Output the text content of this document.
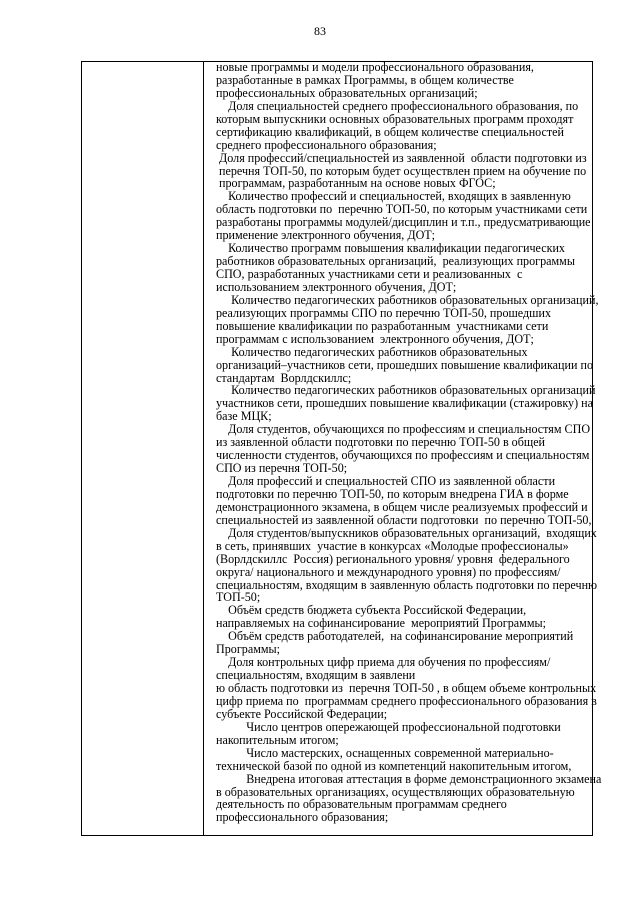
83
новые программы и модели профессионального образования,
разработанные в рамках Программы, в общем количестве
профессиональных образовательных организаций;
Доля специальностей среднего профессионального образования, по
которым выпускники основных образовательных программ проходят
сертификацию квалификаций, в общем количестве специальностей
среднего профессионального образования;
Доля профессий/специальностей из заявленной  области подготовки из
перечня ТОП-50, по которым будет осуществлен прием на обучение по
программам, разработанным на основе новых ФГОС;
Количество профессий и специальностей, входящих в заявленную
область подготовки по  перечню ТОП-50, по которым участниками сети
разработаны программы модулей/дисциплин и т.п., предусматривающие
применение электронного обучения, ДОТ;
Количество программ повышения квалификации педагогических
работников образовательных организаций,  реализующих программы
СПО, разработанных участниками сети и реализованных  с
использованием электронного обучения, ДОТ;
Количество педагогических работников образовательных организаций,
реализующих программы СПО по перечню ТОП-50, прошедших
повышение квалификации по разработанным  участниками сети
программам с использованием  электронного обучения, ДОТ;
Количество педагогических работников образовательных
организаций–участников сети, прошедших повышение квалификации по
стандартам  Ворлдскиллс;
Количество педагогических работников образовательных организаций
участников сети, прошедших повышение квалификации (стажировку) на
базе МЦК;
Доля студентов, обучающихся по профессиям и специальностям СПО
из заявленной области подготовки по перечню ТОП-50 в общей
численности студентов, обучающихся по профессиям и специальностям
СПО из перечня ТОП-50;
Доля профессий и специальностей СПО из заявленной области
подготовки по перечню ТОП-50, по которым внедрена ГИА в форме
демонстрационного экзамена, в общем числе реализуемых профессий и
специальностей из заявленной области подготовки  по перечню ТОП-50,
Доля студентов/выпускников образовательных организаций,  входящих
в сеть, принявших  участие в конкурсах «Молодые профессионалы»
(Ворлдскиллс  Россия) регионального уровня/ уровня  федерального
округа/ национального и международного уровня) по профессиям/
специальностям, входящим в заявленную область подготовки по перечню
ТОП-50;
Объём средств бюджета субъекта Российской Федерации,
направляемых на софинансирование  мероприятий Программы;
Объём средств работодателей,  на софинансирование мероприятий
Программы;
Доля контрольных цифр приема для обучения по профессиям/
специальностям, входящим в заявлени
ю область подготовки из  перечня ТОП-50 , в общем объеме контрольных
цифр приема по  программам среднего профессионального образования в
субъекте Российской Федерации;
Число центров опережающей профессиональной подготовки
накопительным итогом;
Число мастерских, оснащенных современной материально-
технической базой по одной из компетенций накопительным итогом,
Внедрена итоговая аттестация в форме демонстрационного экзамена
в образовательных организациях, осуществляющих образовательную
деятельность по образовательным программам среднего
профессионального образования;
